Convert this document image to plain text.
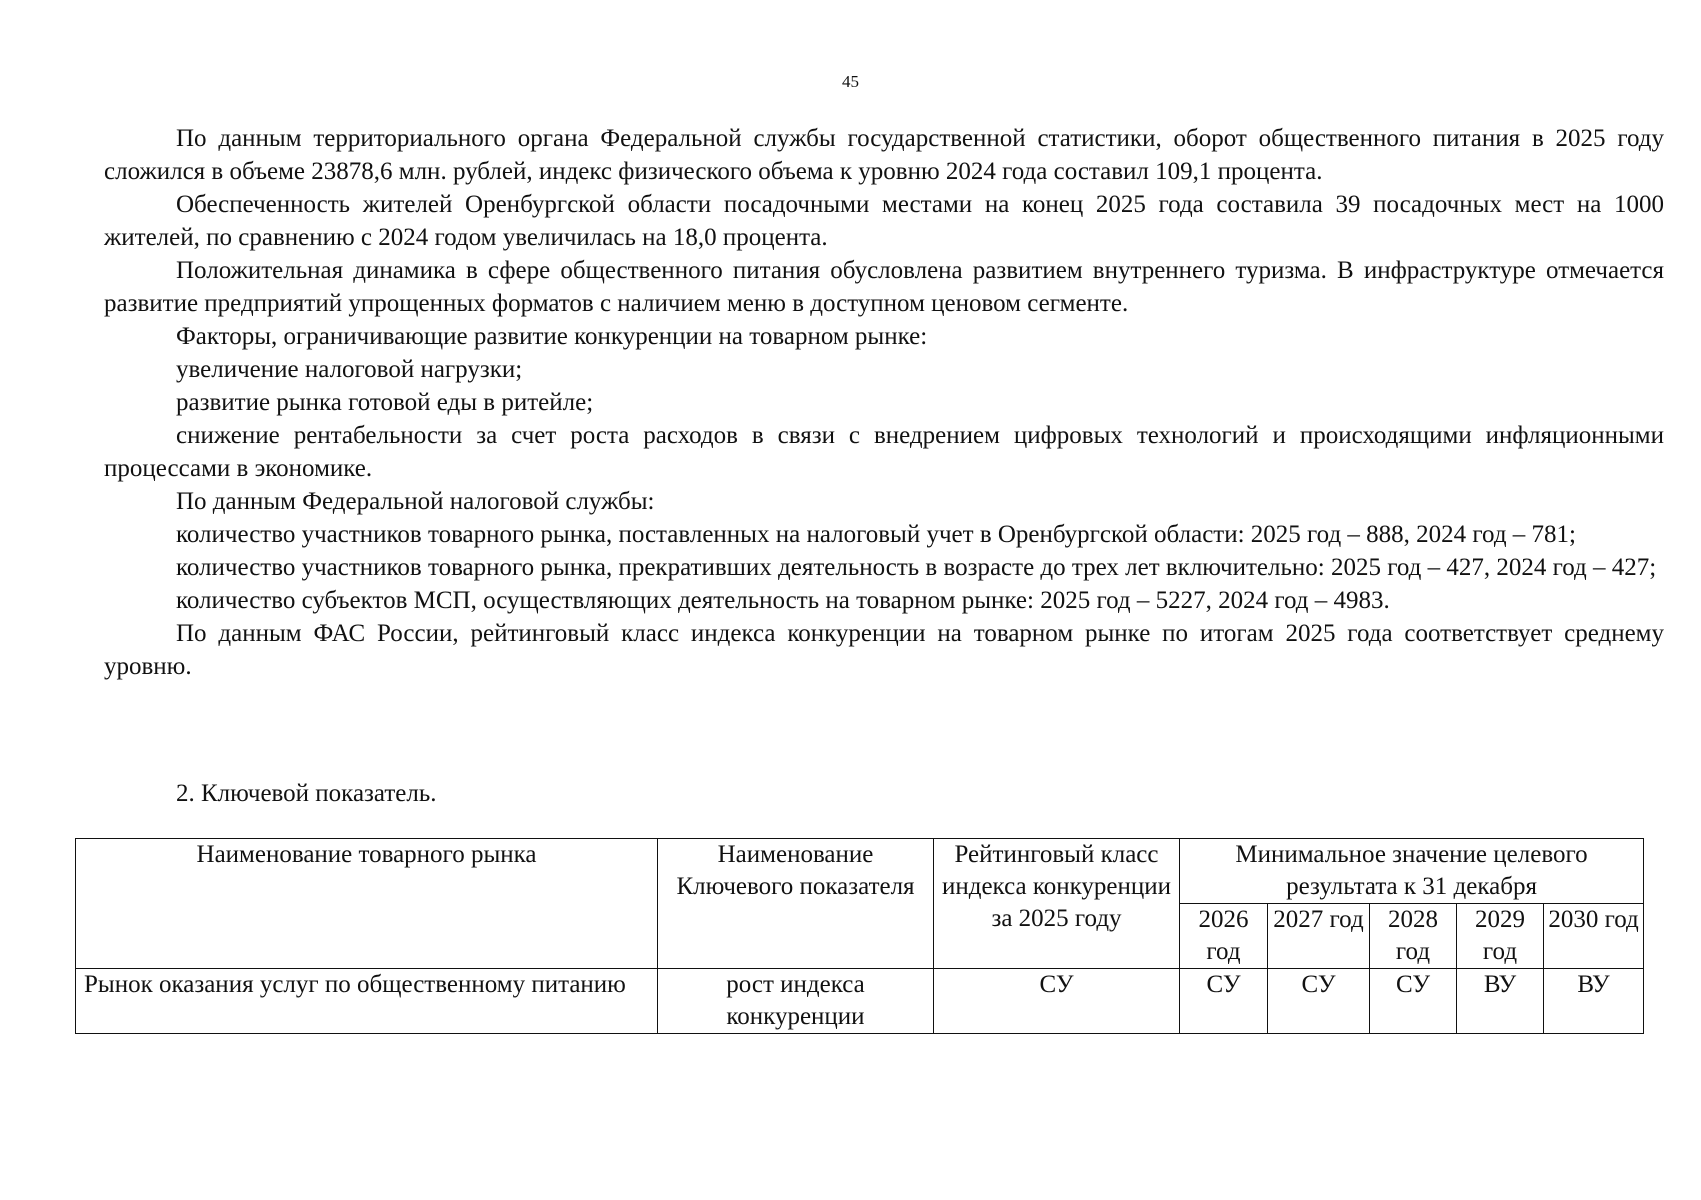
45

По данным территориального органа Федеральной службы государственной статистики, оборот общественного питания в 2025 году сложился в объеме 23878,6 млн. рублей, индекс физического объема к уровню 2024 года составил 109,1 процента.

Обеспеченность жителей Оренбургской области посадочными местами на конец 2025 года составила 39 посадочных мест на 1000 жителей, по сравнению с 2024 годом увеличилась на 18,0 процента.

Положительная динамика в сфере общественного питания обусловлена развитием внутреннего туризма. В инфраструктуре отмечается развитие предприятий упрощенных форматов с наличием меню в доступном ценовом сегменте.

Факторы, ограничивающие развитие конкуренции на товарном рынке:

увеличение налоговой нагрузки;

развитие рынка готовой еды в ритейле;

снижение рентабельности за счет роста расходов в связи с внедрением цифровых технологий и происходящими инфляционными процессами в экономике.

По данным Федеральной налоговой службы:

количество участников товарного рынка, поставленных на налоговый учет в Оренбургской области: 2025 год – 888, 2024 год – 781;

количество участников товарного рынка, прекративших деятельность в возрасте до трех лет включительно: 2025 год – 427, 2024 год – 427;

количество субъектов МСП, осуществляющих деятельность на товарном рынке: 2025 год – 5227, 2024 год – 4983.

По данным ФАС России, рейтинговый класс индекса конкуренции на товарном рынке по итогам 2025 года соответствует среднему уровню.

2. Ключевой показатель.
Наименование товарного рынка	Наименование Ключевого показателя	Рейтинговый класс индекса конкуренции за 2025 году	Минимальное значение целевого результата к 31 декабря				
			2026 год	2027 год	2028 год	2029 год	2030 год
Рынок оказания услуг по общественному питанию	рост индекса конкуренции	СУ	СУ	СУ	СУ	ВУ	ВУ
